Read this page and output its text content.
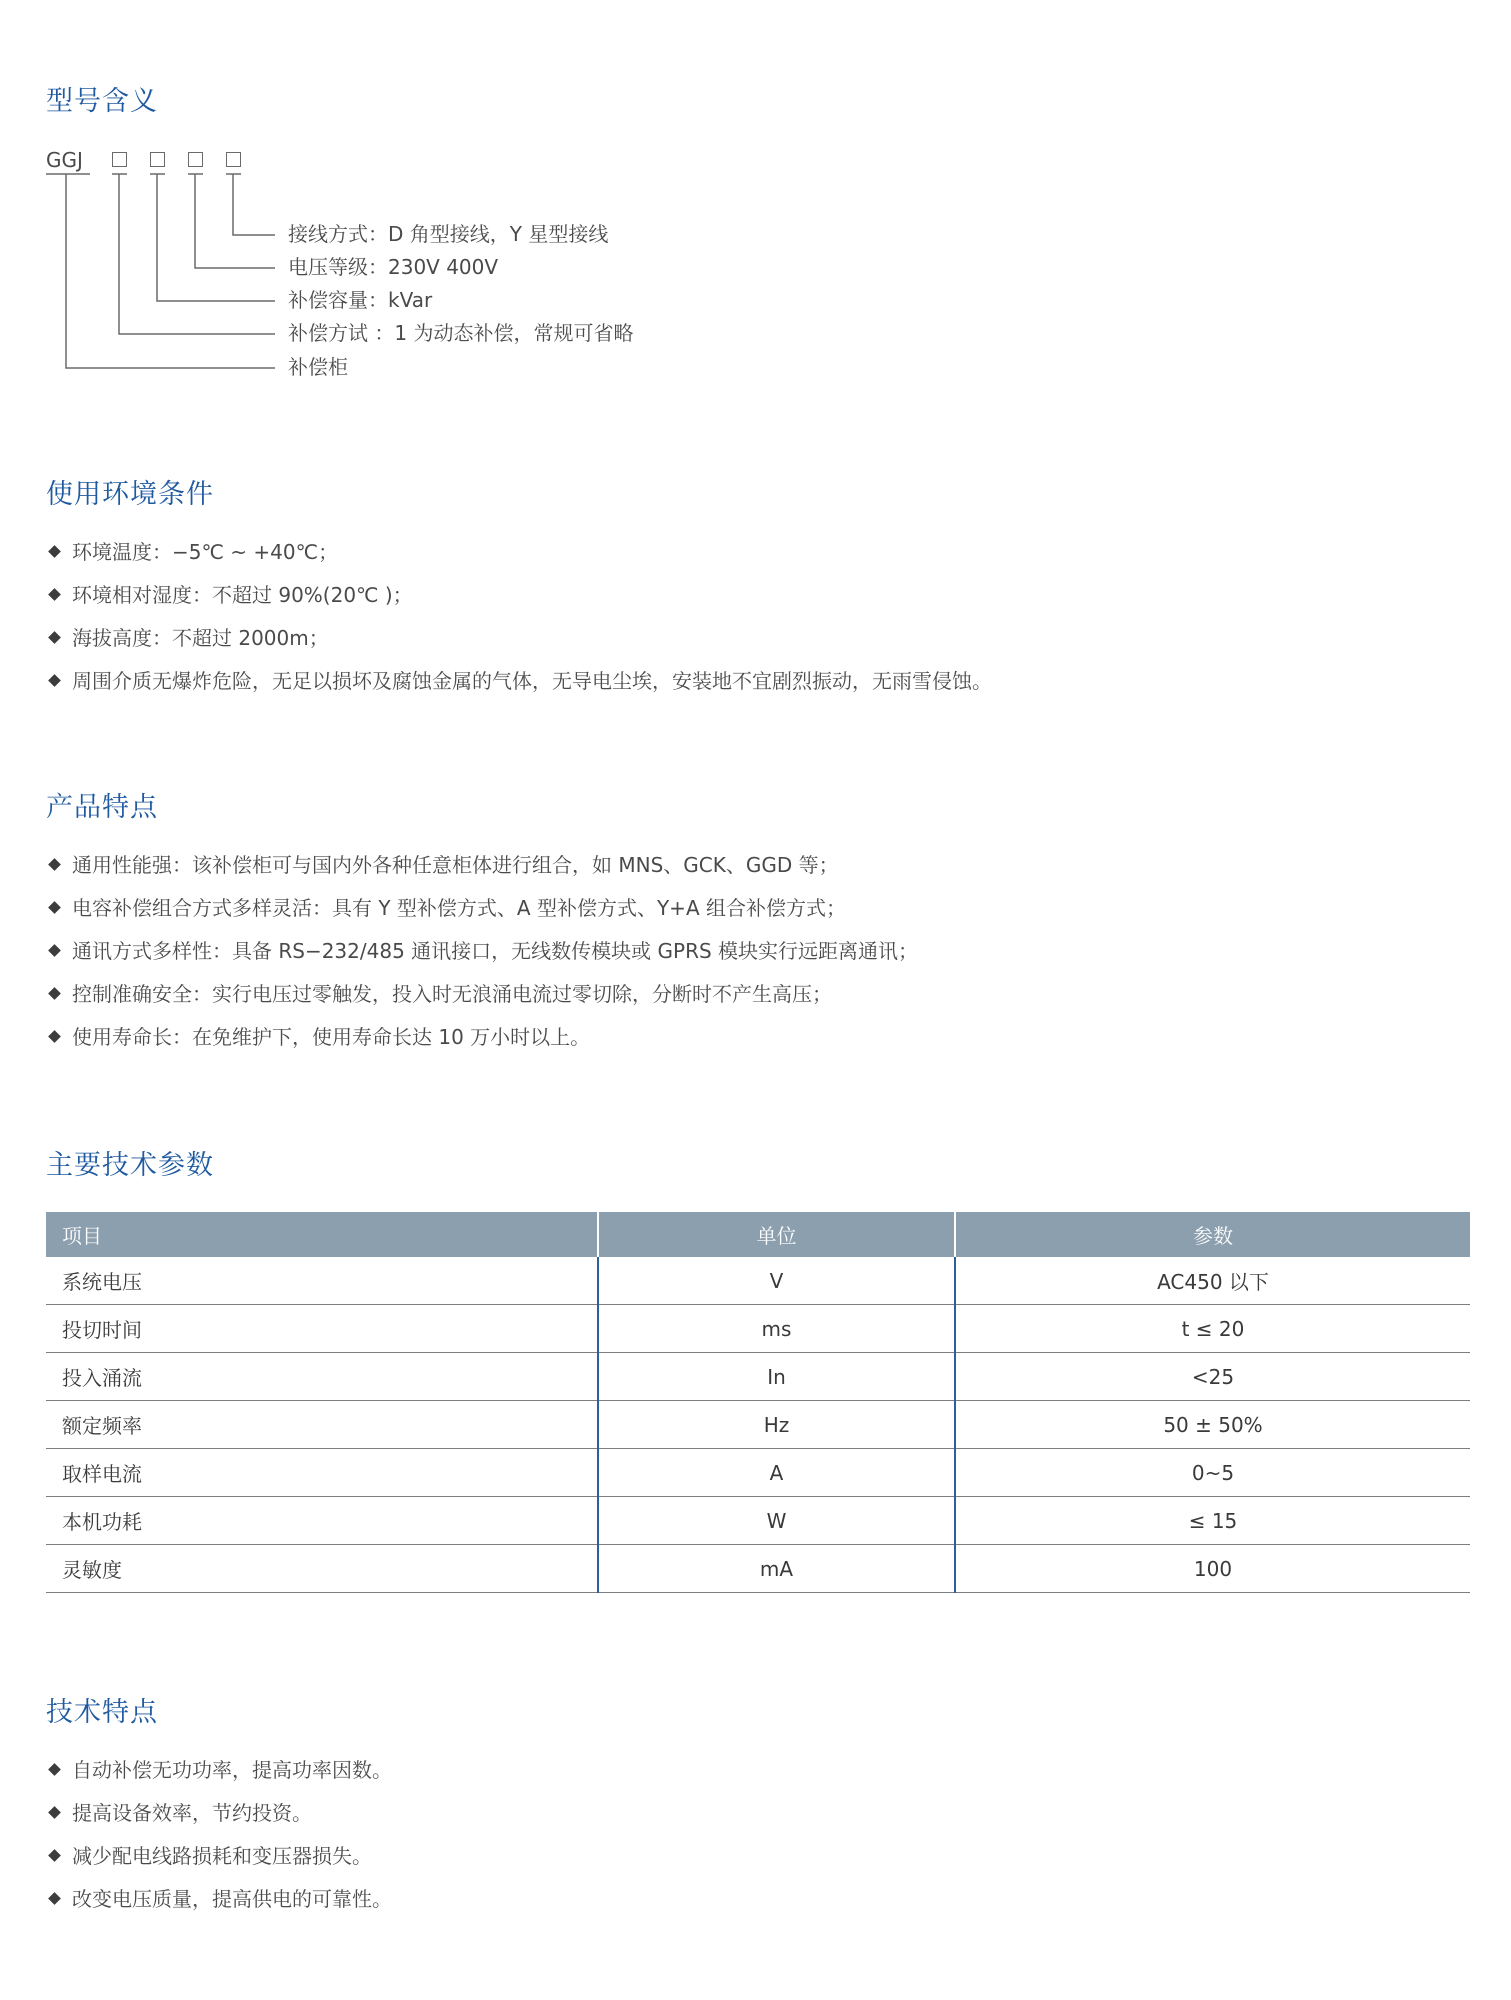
型号含义
GGJ
接线方式：D 角型接线，Y 星型接线
电压等级：230V 400V
补偿容量：kVar
补偿方试 ：1 为动态补偿，常规可省略
补偿柜
使用环境条件
环境温度：−5℃ ~ +40℃；
环境相对湿度：不超过 90%(20℃ )；
海拔高度：不超过 2000m；
周围介质无爆炸危险，无足以损坏及腐蚀金属的气体，无导电尘埃，安装地不宜剧烈振动，无雨雪侵蚀。
产品特点
通用性能强：该补偿柜可与国内外各种任意柜体进行组合，如 MNS、GCK、GGD 等；
电容补偿组合方式多样灵活：具有 Y 型补偿方式、A 型补偿方式、Y+A 组合补偿方式；
通讯方式多样性：具备 RS−232/485 通讯接口，无线数传模块或 GPRS 模块实行远距离通讯；
控制准确安全：实行电压过零触发，投入时无浪涌电流过零切除，分断时不产生高压；
使用寿命长：在免维护下，使用寿命长达 10 万小时以上。
主要技术参数
项目	单位	参数
系统电压	V	AC450 以下
投切时间	ms	t ≤ 20
投入涌流	In	<25
额定频率	Hz	50 ± 50%
取样电流	A	0~5
本机功耗	W	≤ 15
灵敏度	mA	100
技术特点
自动补偿无功功率，提高功率因数。
提高设备效率，节约投资。
减少配电线路损耗和变压器损失。
改变电压质量，提高供电的可靠性。
